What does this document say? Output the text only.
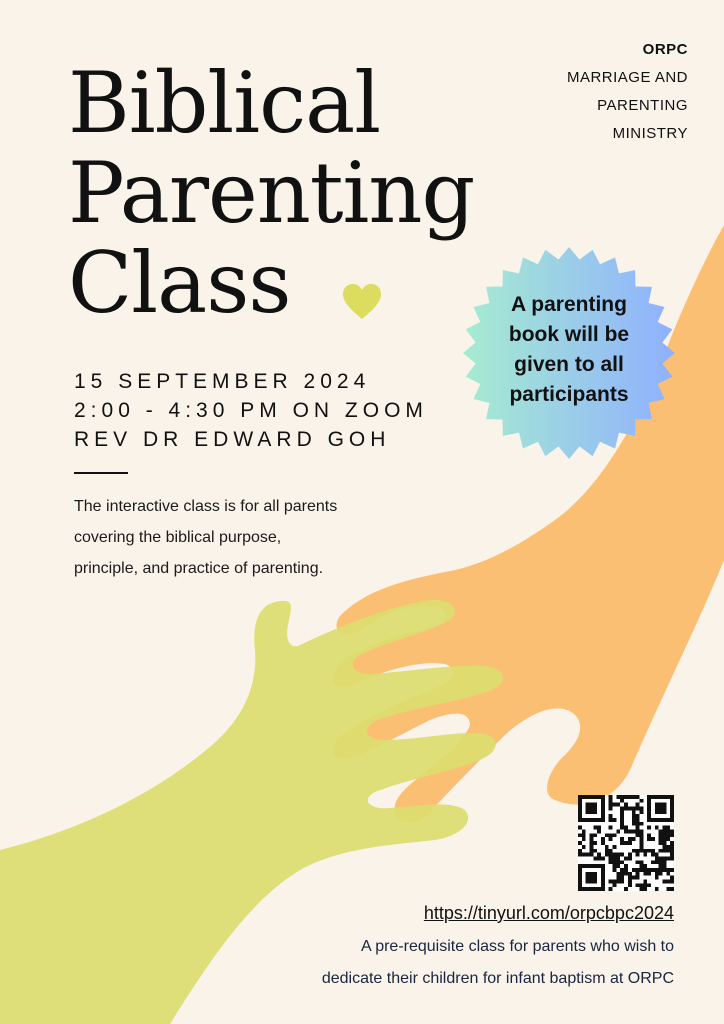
Biblical
Parenting
Class
ORPC
MARRIAGE AND
PARENTING
MINISTRY
A parenting
book will be
given to all
participants
15 SEPTEMBER 2024
2:00 - 4:30 PM ON ZOOM
REV DR EDWARD GOH
The interactive class is for all parents
covering the biblical purpose,
principle, and practice of parenting.
https://tinyurl.com/orpcbpc2024
A pre-requisite class for parents who wish to
dedicate their children for infant baptism at ORPC
